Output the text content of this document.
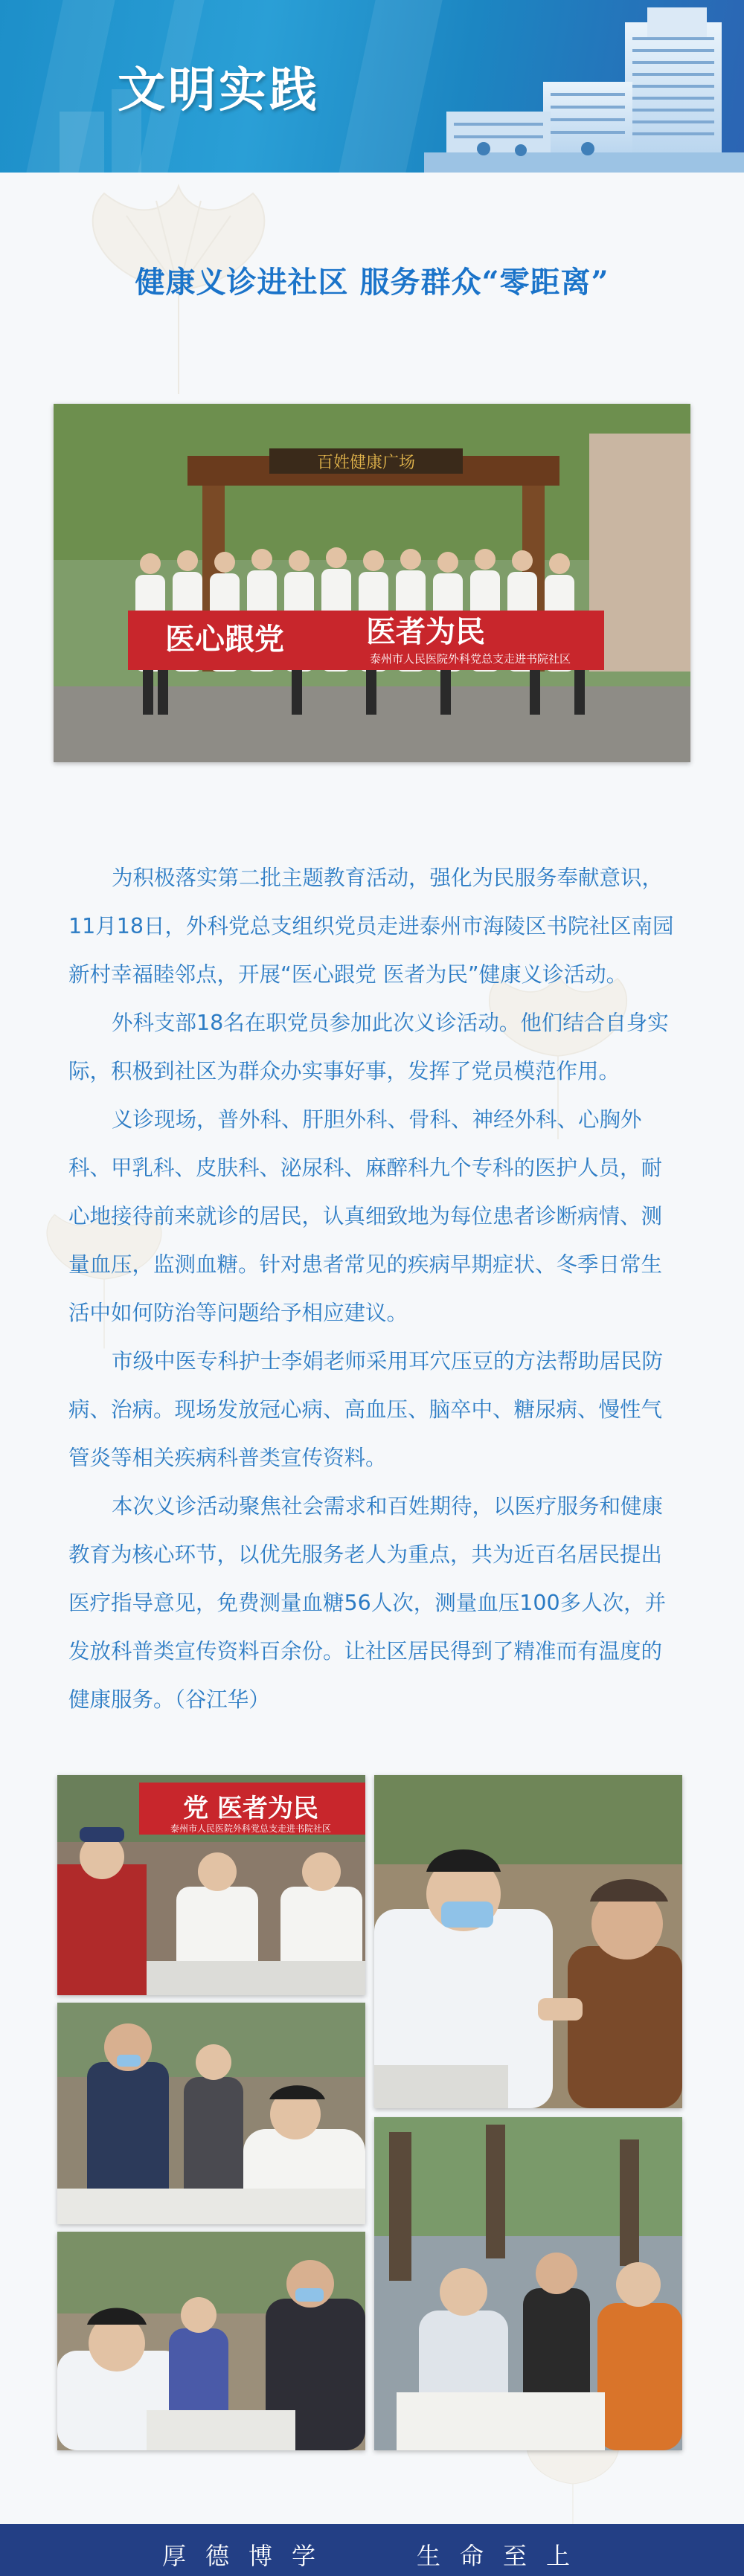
文明实践
健康义诊进社区 服务群众“零距离”
百姓健康广场
医心跟党	医者为民
泰州市人民医院外科党总支走进书院社区

为积极落实第二批主题教育活动，强化为民服务奉献意识，11月18日，外科党总支组织党员走进泰州市海陵区书院社区南园新村幸福睦邻点，开展“医心跟党 医者为民”健康义诊活动。

外科支部18名在职党员参加此次义诊活动。他们结合自身实际，积极到社区为群众办实事好事，发挥了党员模范作用。

义诊现场，普外科、肝胆外科、骨科、神经外科、心胸外科、甲乳科、皮肤科、泌尿科、麻醉科九个专科的医护人员，耐心地接待前来就诊的居民，认真细致地为每位患者诊断病情、测量血压，监测血糖。针对患者常见的疾病早期症状、冬季日常生活中如何防治等问题给予相应建议。

市级中医专科护士李娟老师采用耳穴压豆的方法帮助居民防病、治病。现场发放冠心病、高血压、脑卒中、糖尿病、慢性气管炎等相关疾病科普类宣传资料。

本次义诊活动聚焦社会需求和百姓期待，以医疗服务和健康教育为核心环节，以优先服务老人为重点，共为近百名居民提出医疗指导意见，免费测量血糖56人次，测量血压100多人次，并发放科普类宣传资料百余份。让社区居民得到了精准而有温度的健康服务。（谷江华）

党 医者为民
泰州市人民医院外科党总支走进书院社区
厚德博学	生命至上
